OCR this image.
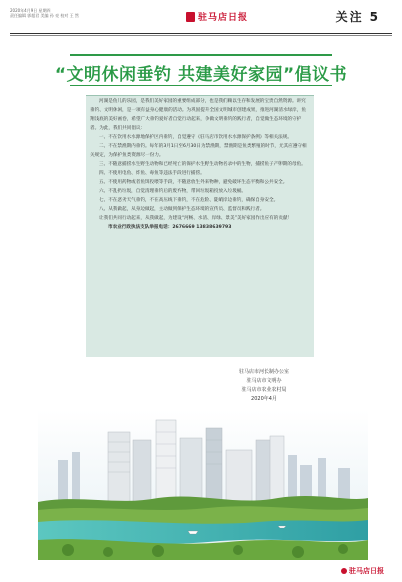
2020年4月9日 星期四
责任编辑 郭超君 美编 孙 亮 校对 王 然	驻马店日报	关注 5
“文明休闲垂钓 共建美好家园”倡议书

河湖是鱼儿的乐园，是我们美好家园的重要组成部分，也是我们赖以生存和发展的宝贵自然资源。讲究垂钓、文明休闲，是一项有益身心健康的活动。为巩固提升全国文明城市创建成果，推进河湖清水绿岸，鱼翔浅底的美好画卷，希望广大垂钓爱好者自觉行动起来，争做文明垂钓的践行者，自觉做生态环境的守护者。为此，我们共同倡议：

一、不在饮用水水源地保护区内垂钓，自觉遵守《驻马店市饮用水水源保护条例》等相关法规。

二、不在禁渔期内垂钓。每年的3月1日至6月30日为禁渔期，禁渔期是鱼类繁殖的时节，尤其应遵守相关规定，为保护鱼类资源尽一份力。

三、不随意捕捞水生野生动物和已经死亡的保护水生野生动物名录中的生物，捕捞鱼子产卵期的母鱼。

四、不使用电鱼、炸鱼、毒鱼等违法手段进行捕捞。

五、不使用药物或者鱼饵投喂等手段，不随意放生外来物种，避免破坏生态平衡和公共安全。

六、不乱扔垃圾，自觉清理垂钓后的废弃物，带回垃圾箱投放入垃圾桶。

七、不在恶劣天气垂钓，不在高压线下垂钓，不在危险、陡峭岸边垂钓，确保自身安全。

八、从我做起，从身边做起，主动做到保护生态环境的宣传员、监督员和践行者。

让我们共同行动起来，从我做起，为建设“河畅、水清、岸绿、景美”美好家园作出应有的贡献！

市农业行政执法支队举报电话：2676669 13838639793

驻马店市河长制办公室
驻马店市文明办
驻马店市农业农村局
2020年4月
驻马店日报
